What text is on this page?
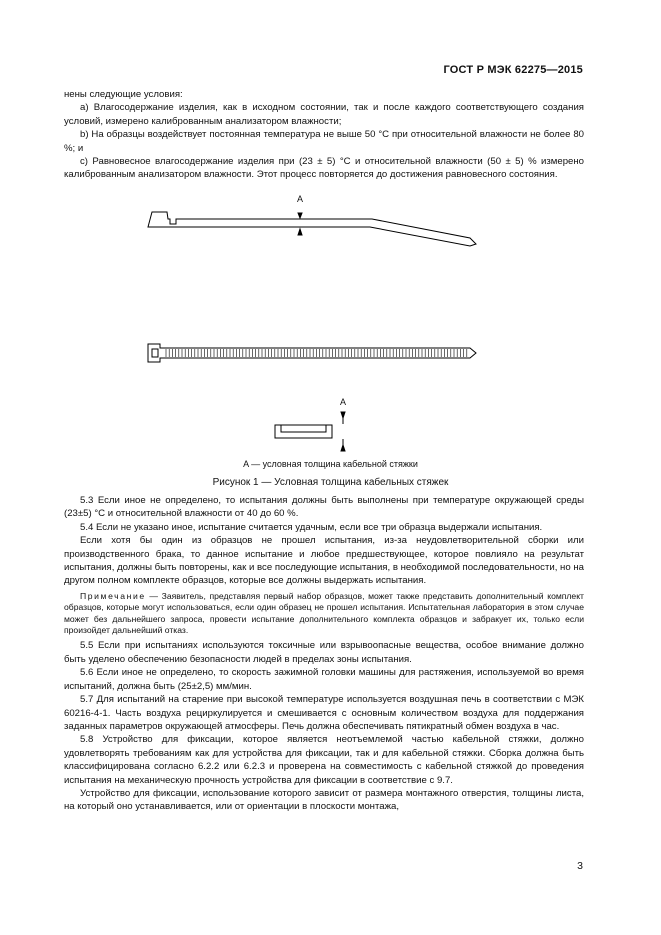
ГОСТ Р МЭК 62275—2015

нены следующие условия:

a) Влагосодержание изделия, как в исходном состоянии, так и после каждого соответствующего создания условий, измерено калиброванным анализатором влажности;

b) На образцы воздействует постоянная температура не выше 50 °С при относительной влажности не более 80 %; и

c) Равновесное влагосодержание изделия при (23 ± 5) °С и относительной влажности (50 ± 5) % измерено калиброванным анализатором влажности. Этот процесс повторяется до достижения равновесного состояния.

A
A
A — условная толщина кабельной стяжки
Рисунок 1 — Условная толщина кабельных стяжек

5.3 Если иное не определено, то испытания должны быть выполнены при температуре окружающей среды (23±5) °С и относительной влажности от 40 до 60 %.

5.4 Если не указано иное, испытание считается удачным, если все три образца выдержали испытания.

Если хотя бы один из образцов не прошел испытания, из-за неудовлетворительной сборки или производственного брака, то данное испытание и любое предшествующее, которое повлияло на результат испытания, должны быть повторены, как и все последующие испытания, в необходимой последовательности, но на другом полном комплекте образцов, которые все должны выдержать испытания.

Примечание — Заявитель, представляя первый набор образцов, может также представить дополнительный комплект образцов, которые могут использоваться, если один образец не прошел испытания. Испытательная лаборатория в этом случае может без дальнейшего запроса, провести испытание дополнительного комплекта образцов и забракует их, только если произойдет дальнейший отказ.

5.5 Если при испытаниях используются токсичные или взрывоопасные вещества, особое внимание должно быть уделено обеспечению безопасности людей в пределах зоны испытания.

5.6 Если иное не определено, то скорость зажимной головки машины для растяжения, используемой во время испытаний, должна быть (25±2,5) мм/мин.

5.7 Для испытаний на старение при высокой температуре используется воздушная печь в соответствии с МЭК 60216-4-1. Часть воздуха рециркулируется и смешивается с основным количеством воздуха для поддержания заданных параметров окружающей атмосферы. Печь должна обеспечивать пятикратный обмен воздуха в час.

5.8 Устройство для фиксации, которое является неотъемлемой частью кабельной стяжки, должно удовлетворять требованиям как для устройства для фиксации, так и для кабельной стяжки. Сборка должна быть классифицирована согласно 6.2.2 или 6.2.3 и проверена на совместимость с кабельной стяжкой до проведения испытания на механическую прочность устройства для фиксации в соответствие с 9.7.

Устройство для фиксации, использование которого зависит от размера монтажного отверстия, толщины листа, на который оно устанавливается, или от ориентации в плоскости монтажа,

3
